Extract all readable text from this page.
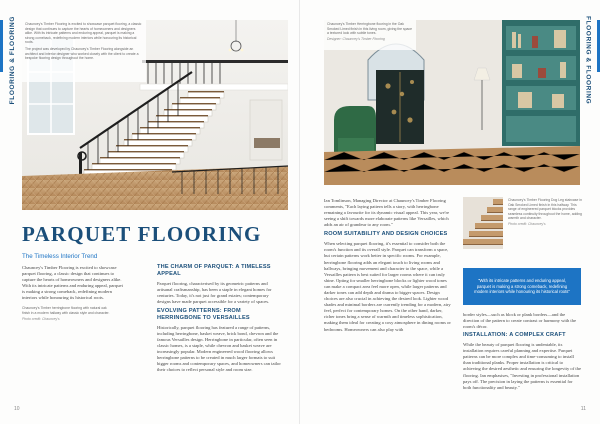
FLOORING & FLOORING	Chauncey's Timber Flooring is excited to showcase parquet flooring, a classic design that continues to capture the hearts of homeowners and designers alike. With its intricate patterns and enduring appeal, parquet is making a strong comeback, redefining modern interiors while honouring its historical roots.
The project was developed by Chauncey's Timber Flooring alongside an architect and interior designer who worked closely with the client to create a bespoke flooring design throughout the home.
PARQUET FLOORING
The Timeless Interior Trend

Chauncey's Timber Flooring is excited to showcase parquet flooring, a classic design that continues to capture the hearts of homeowners and designers alike. With its intricate patterns and enduring appeal, parquet is making a strong comeback, redefining modern interiors while honouring its historical roots.

Chauncey's Timber herringbone flooring with natural oak finish in a modern hallway with classic style and character.
Photo credit: Chauncey's
THE CHARM OF PARQUET: A TIMELESS APPEAL

Parquet flooring, characterised by its geometric patterns and artisanal craftsmanship, has been a staple in elegant homes for centuries. Today, it's not just for grand estates; contemporary designs have made parquet accessible for a variety of spaces.

EVOLVING PATTERNS: FROM HERRINGBONE TO VERSAILLES

Historically, parquet flooring has featured a range of patterns, including herringbone, basket weave, brick bond, chevron and the famous Versailles design. Herringbone in particular, often seen in classic homes, is a staple, while chevron and basket weave are increasingly popular. Modern engineered wood flooring allows herringbone patterns to be created in much larger formats to suit bigger rooms and contemporary spaces, and homeowners can tailor their choices to reflect personal style and room size.

10
FLOORING & FLOORING
11
Chauncey's Timber Herringbone flooring in the Oak Smoked Limed finish in this living room, giving the space a textured look with subtle tones.
Designer: Chauncey's Timber Flooring

Ian Tomlinson, Managing Director at Chauncey's Timber Flooring comments, "Each laying pattern tells a story, with herringbone remaining a favourite for its dynamic visual appeal. This year, we're seeing a shift towards more elaborate patterns like Versailles, which adds an air of grandeur to any room."

ROOM SUITABILITY AND DESIGN CHOICES

When selecting parquet flooring, it's essential to consider both the room's function and its overall style. Parquet can transform a space, but certain patterns work better in specific rooms. For example, herringbone flooring adds an elegant touch to living rooms and hallways, bringing movement and character to the space, while a Versailles pattern is best suited for larger rooms where it can truly shine. Opting for smaller herringbone blocks or lighter wood tones can make a compact area feel more open, while larger patterns and darker tones can add depth and drama to bigger spaces. Design choices are also crucial in achieving the desired look. Lighter wood shades and minimal borders are currently trending for a modern, airy feel, perfect for contemporary homes. On the other hand, darker, richer tones bring a sense of warmth and timeless sophistication, making them ideal for creating a cosy atmosphere in dining rooms or bedrooms. Homeowners can also play with

Chauncey's Timber Flooring Dog Leg staircase in Oak Smoked Limed finish in this hallway. This range of engineered parquet blocks provides seamless continuity throughout the home, adding warmth and character.
Photo credit: Chauncey's
"With its intricate patterns and enduring appeal, parquet is making a strong comeback, redefining modern interiors while honouring its historical roots"

border styles—such as block or plank borders—and the direction of the pattern to create contrast or harmony with the room's décor.

INSTALLATION: A COMPLEX CRAFT

While the beauty of parquet flooring is undeniable, its installation requires careful planning and expertise. Parquet patterns can be more complex and time-consuming to install than traditional planks. Proper installation is critical to achieving the desired aesthetic and ensuring the longevity of the flooring. Ian emphasises, "Investing in professional installation pays off. The precision in laying the patterns is essential for both functionality and beauty."
